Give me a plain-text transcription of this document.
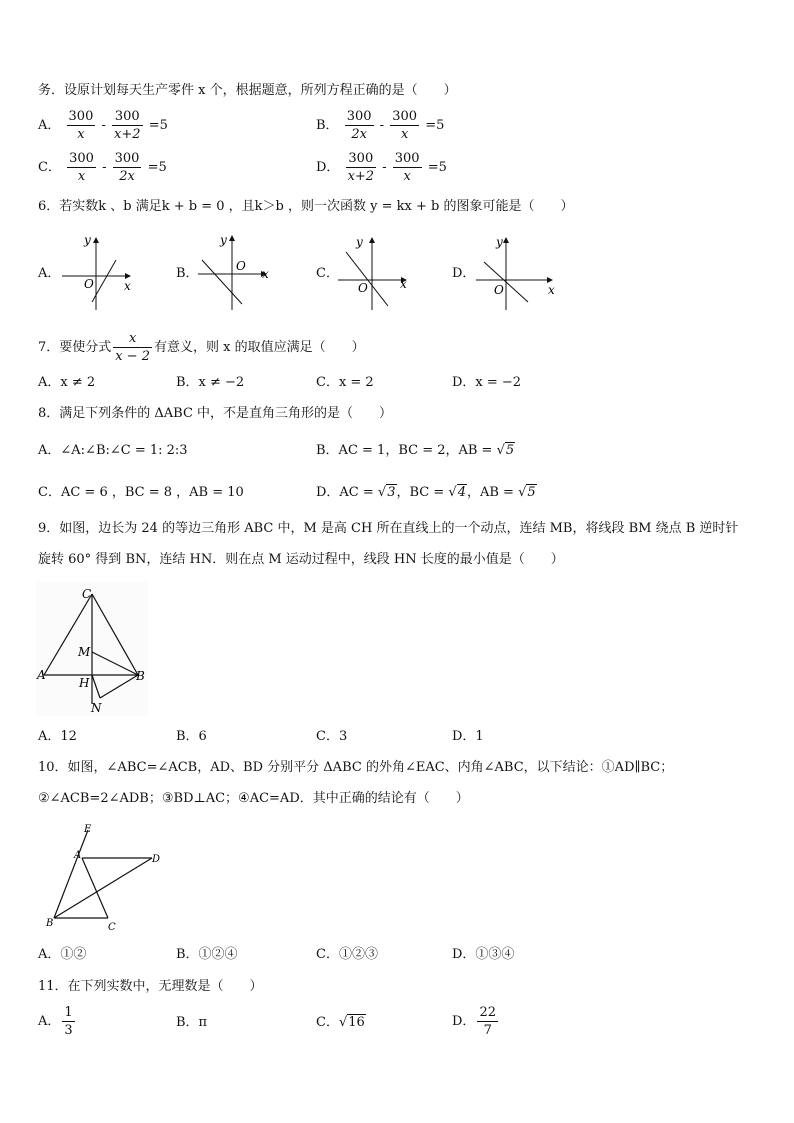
务．设原计划每天生产零件 x 个，根据题意，所列方程正确的是（　　）
A． $\frac{300}{x} - \frac{300}{x+2} =5$	B． $\frac{300}{2x} - \frac{300}{x} =5$
C． $\frac{300}{x} - \frac{300}{2x} =5$	D． $\frac{300}{x+2} - \frac{300}{x} =5$
6．若实数k 、b 满足k + b = 0 ，且k＞b ，则一次函数 y = kx + b 的图象可能是（　　）
A．
y
x
O
B．
y
x
O	C．
y
x
O
D．
y
x
O
7．要使分式 $\frac{x}{x - 2}$ 有意义，则 x 的取值应满足（　　）
A．x ≠ 2	B．x ≠ −2	C．x = 2	D．x = −2
8．满足下列条件的 ΔABC 中，不是直角三角形的是（　　）
A．∠A:∠B:∠C = 1: 2:3	B．AC = 1，BC = 2，AB = √5
C．AC = 6 ，BC = 8 ，AB = 10	D．AC = √3，BC = √4，AB = √5
9．如图，边长为 24 的等边三角形 ABC 中，M 是高 CH 所在直线上的一个动点，连结 MB，将线段 BM 绕点 B 逆时针
旋转 60° 得到 BN，连结 HN．则在点 M 运动过程中，线段 HN 长度的最小值是（　　）
C
M
A
H	B
N
A．12	B．6	C．3	D．1
10．如图，∠ABC=∠ACB，AD、BD 分别平分 ΔABC 的外角∠EAC、内角∠ABC，以下结论：①AD∥BC；
②∠ACB=2∠ADB；③BD⊥AC；④AC=AD．其中正确的结论有（　　）
E
A	D
B	C
A．①②	B．①②④	C．①②③	D．①③④
11．在下列实数中，无理数是（　　）
A． $\frac{1}{3}$	B．π	C．√16	D． $\frac{22}{7}$
